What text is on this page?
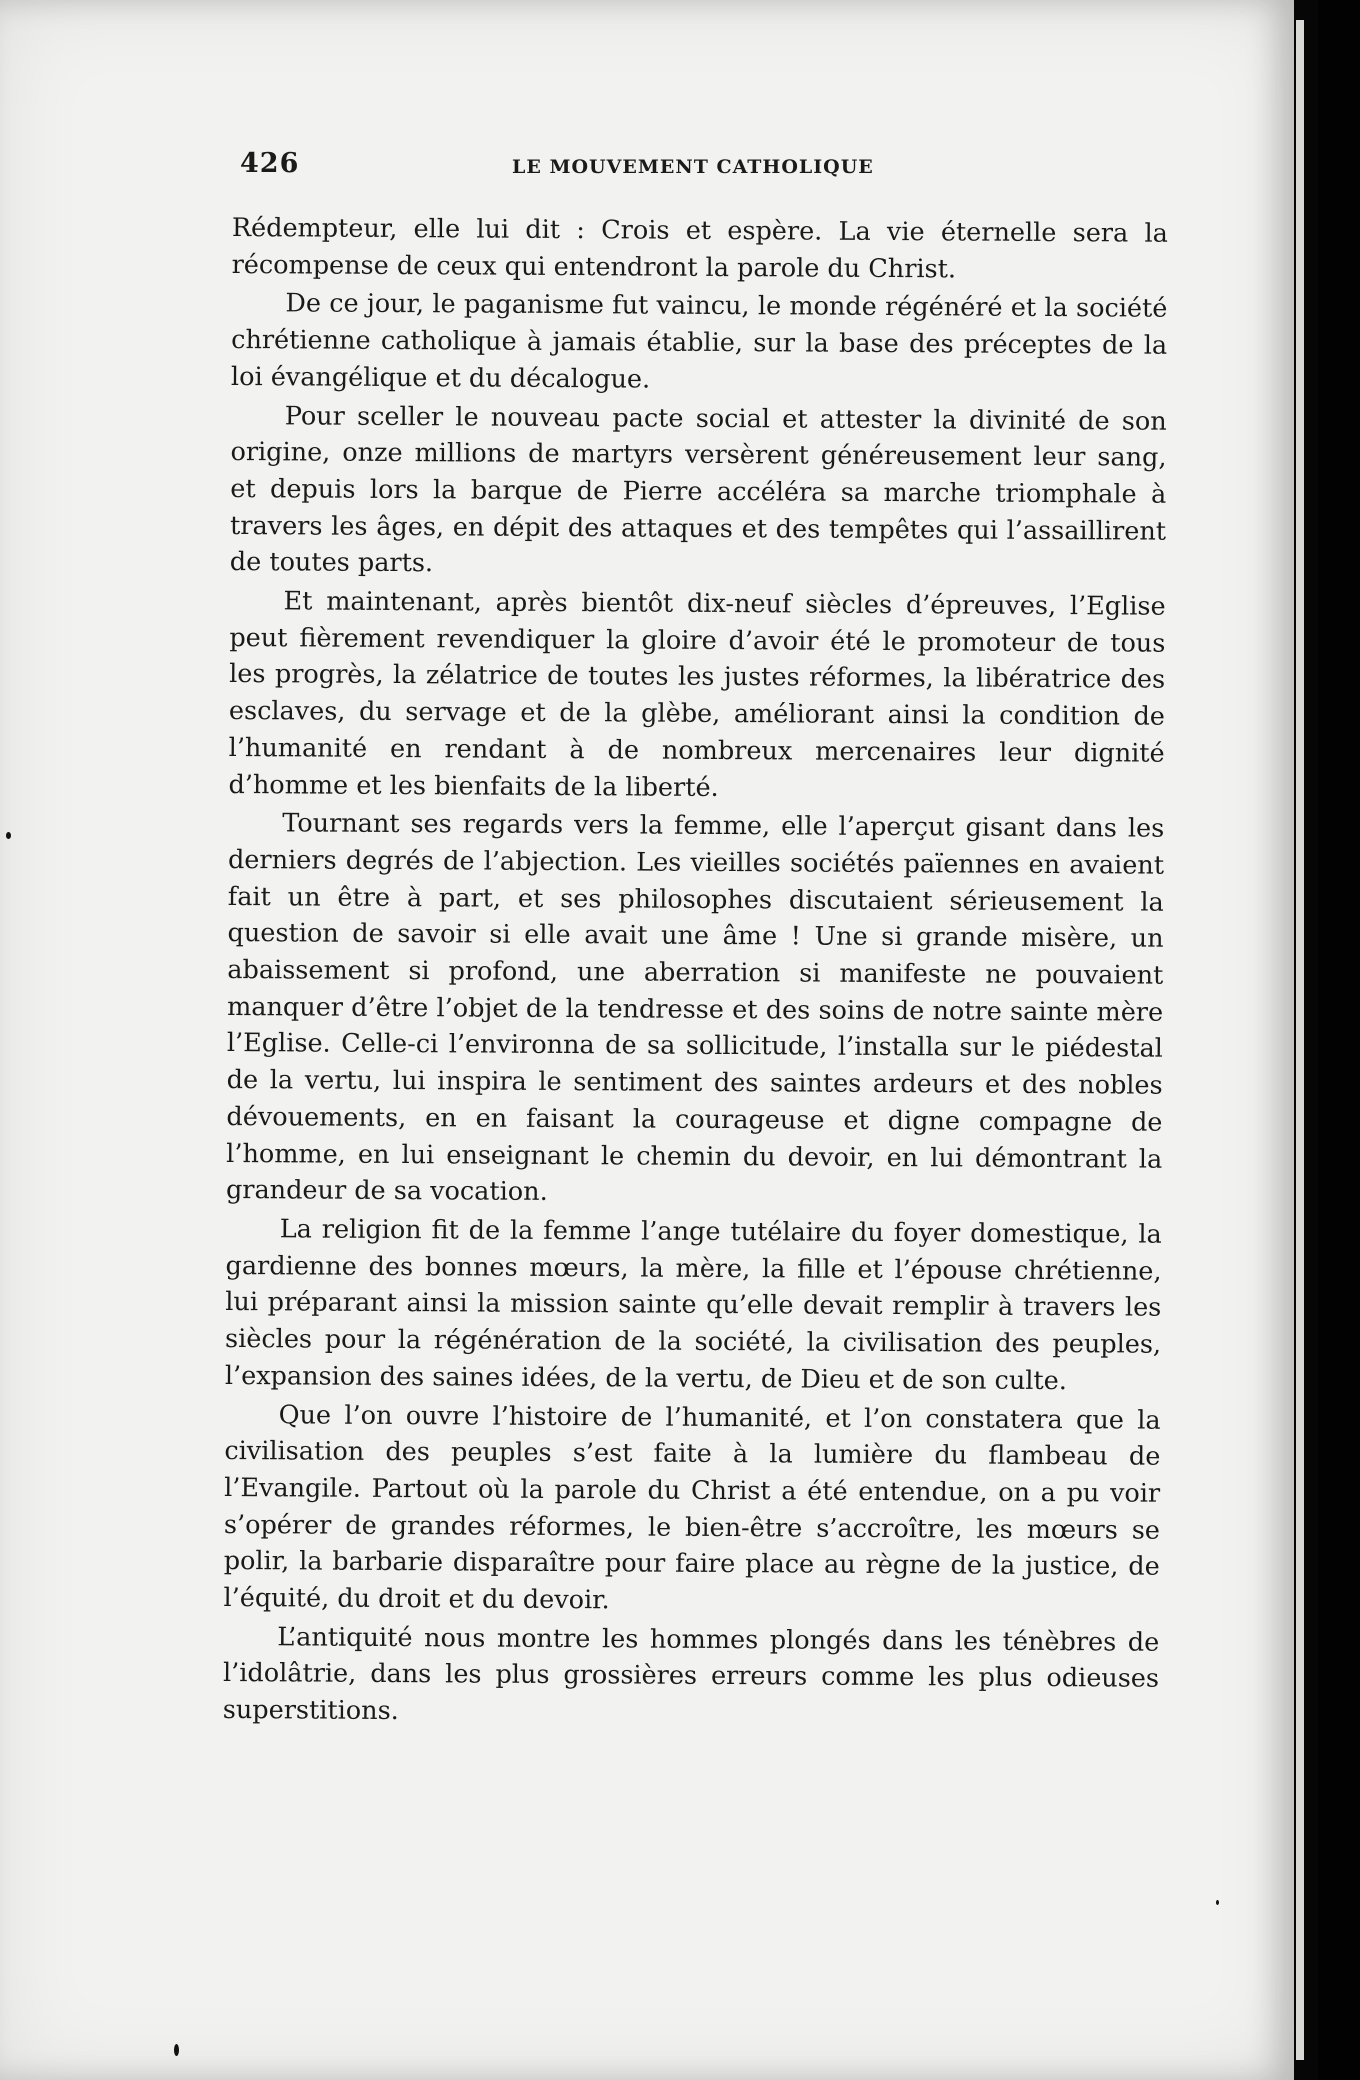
426	LE MOUVEMENT CATHOLIQUE

Rédempteur, elle lui dit : Crois et espère. La vie éternelle sera la récompense de ceux qui entendront la parole du Christ.

De ce jour, le paganisme fut vaincu, le monde régénéré et la société chrétienne catholique à jamais établie, sur la base des préceptes de la loi évangélique et du décalogue.

Pour sceller le nouveau pacte social et attester la divinité de son origine, onze millions de martyrs versèrent généreusement leur sang, et depuis lors la barque de Pierre accéléra sa marche triomphale à travers les âges, en dépit des attaques et des tempêtes qui l’assaillirent de toutes parts.

Et maintenant, après bientôt dix-neuf siècles d’épreuves, l’Eglise peut fièrement revendiquer la gloire d’avoir été le promoteur de tous les progrès, la zélatrice de toutes les justes réformes, la libératrice des esclaves, du servage et de la glèbe, améliorant ainsi la condition de l’humanité en rendant à de nombreux mercenaires leur dignité d’homme et les bienfaits de la liberté.

Tournant ses regards vers la femme, elle l’aperçut gisant dans les derniers degrés de l’abjection. Les vieilles sociétés païennes en avaient fait un être à part, et ses philosophes discutaient sérieusement la question de savoir si elle avait une âme ! Une si grande misère, un abaissement si profond, une aberration si manifeste ne pouvaient manquer d’être l’objet de la tendresse et des soins de notre sainte mère l’Eglise. Celle-ci l’environna de sa sollicitude, l’installa sur le piédestal de la vertu, lui inspira le sentiment des saintes ardeurs et des nobles dévouements, en en faisant la courageuse et digne compagne de l’homme, en lui enseignant le chemin du devoir, en lui démontrant la grandeur de sa vocation.

La religion fit de la femme l’ange tutélaire du foyer domestique, la gardienne des bonnes mœurs, la mère, la fille et l’épouse chrétienne, lui préparant ainsi la mission sainte qu’elle devait remplir à travers les siècles pour la régénération de la société, la civilisation des peuples, l’expansion des saines idées, de la vertu, de Dieu et de son culte.

Que l’on ouvre l’histoire de l’humanité, et l’on constatera que la civilisation des peuples s’est faite à la lumière du flambeau de l’Evangile. Partout où la parole du Christ a été entendue, on a pu voir s’opérer de grandes réformes, le bien-être s’accroître, les mœurs se polir, la barbarie disparaître pour faire place au règne de la justice, de l’équité, du droit et du devoir.

L’antiquité nous montre les hommes plongés dans les ténèbres de l’idolâtrie, dans les plus grossières erreurs comme les plus odieuses superstitions.
